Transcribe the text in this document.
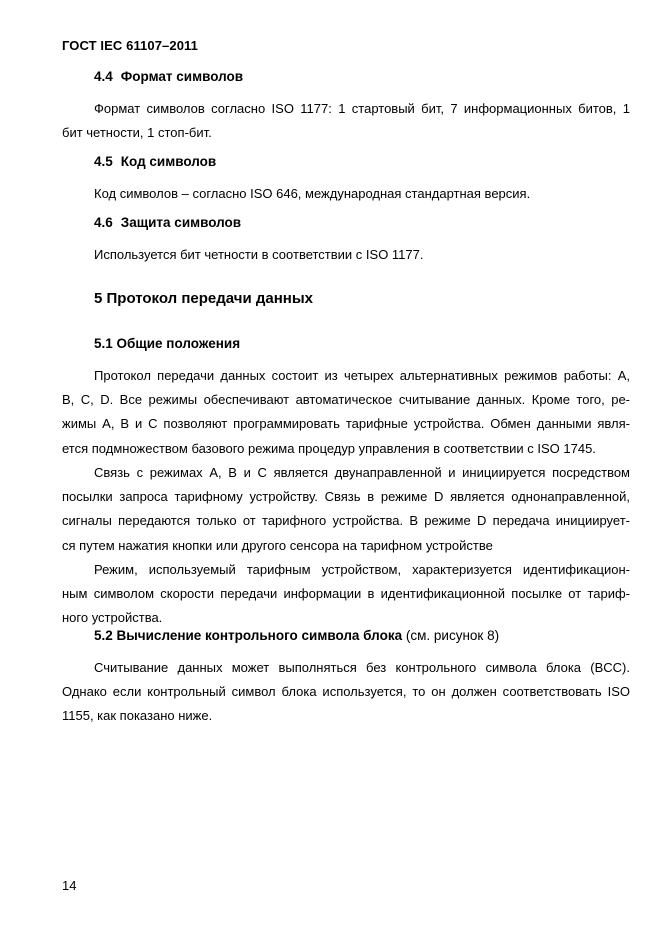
ГОСТ IEC 61107–2011
4.4 Формат символов
Формат символов согласно ISO 1177: 1 стартовый бит, 7 информационных битов, 1
бит четности, 1 стоп-бит.
4.5 Код символов
Код символов – согласно ISO 646, международная стандартная версия.
4.6 Защита символов
Используется бит четности в соответствии с ISO 1177.
5 Протокол передачи данных
5.1 Общие положения
Протокол передачи данных состоит из четырех альтернативных режимов работы: A,
B, C, D. Все режимы обеспечивают автоматическое считывание данных. Кроме того, ре-
жимы A, B и C позволяют программировать тарифные устройства. Обмен данными явля-
ется подмножеством базового режима процедур управления в соответствии с ISO 1745.
Связь с режимах A, B и C является двунаправленной и инициируется посредством
посылки запроса тарифному устройству. Связь в режиме D является однонаправленной,
сигналы передаются только от тарифного устройства. В режиме D передача инициирует-
ся путем нажатия кнопки или другого сенсора на тарифном устройстве
Режим, используемый тарифным устройством, характеризуется идентификацион-
ным символом скорости передачи информации в идентификационной посылке от тариф-
ного устройства.
5.2 Вычисление контрольного символа блока (см. рисунок 8)
Считывание данных может выполняться без контрольного символа блока (BCC).
Однако если контрольный символ блока используется, то он должен соответствовать ISO
1155, как показано ниже.
14
